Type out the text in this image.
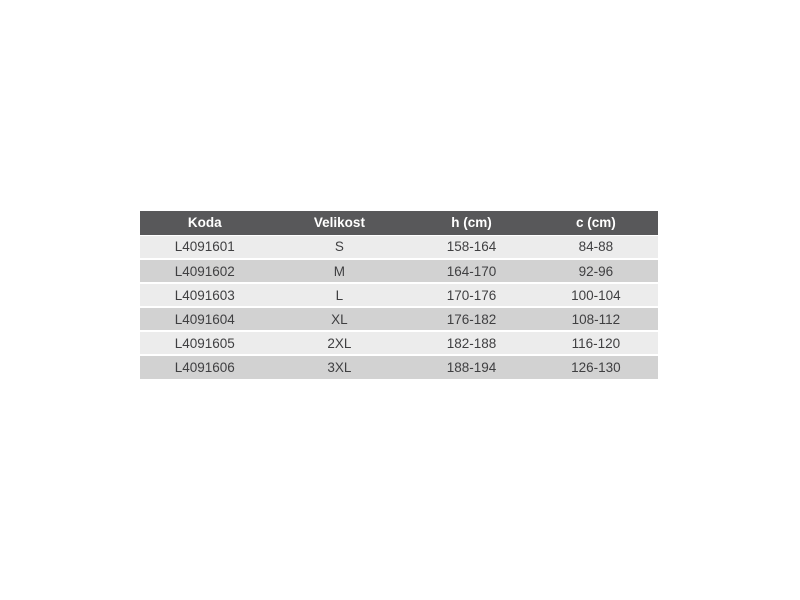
Koda	Velikost	h (cm)	c (cm)
L4091601	S	158-164	84-88
L4091602	M	164-170	92-96
L4091603	L	170-176	100-104
L4091604	XL	176-182	108-112
L4091605	2XL	182-188	116-120
L4091606	3XL	188-194	126-130
